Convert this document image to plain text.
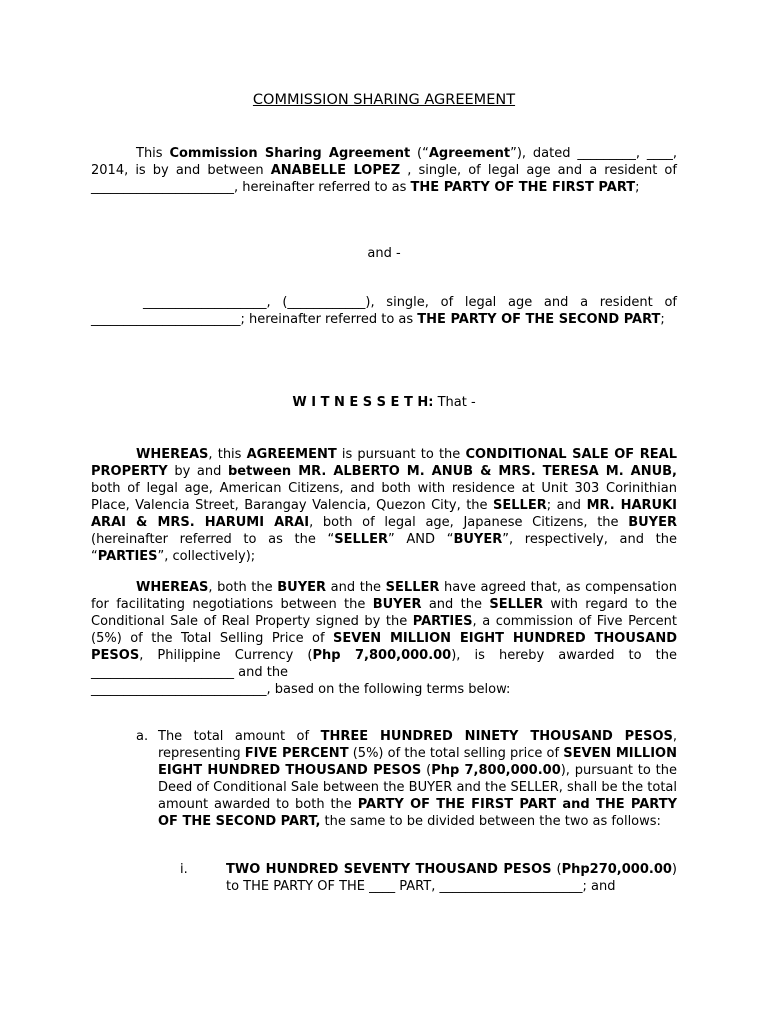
COMMISSION SHARING AGREEMENT

This Commission Sharing Agreement (“Agreement”), dated _________, ____, 2014, is by and between ANABELLE LOPEZ , single, of legal age and a resident of ______________________, hereinafter referred to as THE PARTY OF THE FIRST PART;

and -

___________________, (____________), single, of legal age and a resident of _______________________; hereinafter referred to as THE PARTY OF THE SECOND PART;

W I T N E S S E T H: That -

WHEREAS, this AGREEMENT is pursuant to the CONDITIONAL SALE OF REAL PROPERTY by and between MR. ALBERTO M. ANUB & MRS. TERESA M. ANUB, both of legal age, American Citizens, and both with residence at Unit 303 Corinithian Place, Valencia Street, Barangay Valencia, Quezon City, the SELLER; and MR. HARUKI ARAI & MRS. HARUMI ARAI, both of legal age, Japanese Citizens, the BUYER (hereinafter referred to as the “SELLER” AND “BUYER”, respectively, and the “PARTIES”, collectively);

WHEREAS, both the BUYER and the SELLER have agreed that, as compensation for facilitating negotiations between the BUYER and the SELLER with regard to the Conditional Sale of Real Property signed by the PARTIES, a commission of Five Percent (5%) of the Total Selling Price of SEVEN MILLION EIGHT HUNDRED THOUSAND PESOS, Philippine Currency (Php 7,800,000.00), is hereby awarded to the ______________________ and the

___________________________, based on the following terms below:
a. The total amount of THREE HUNDRED NINETY THOUSAND PESOS, representing FIVE PERCENT (5%) of the total selling price of SEVEN MILLION EIGHT HUNDRED THOUSAND PESOS (Php 7,800,000.00), pursuant to the Deed of Conditional Sale between the BUYER and the SELLER, shall be the total amount awarded to both the PARTY OF THE FIRST PART and THE PARTY OF THE SECOND PART, the same to be divided between the two as follows:

i.	TWO HUNDRED SEVENTY THOUSAND PESOS (Php270,000.00) to THE PARTY OF THE ____ PART, ______________________; and
